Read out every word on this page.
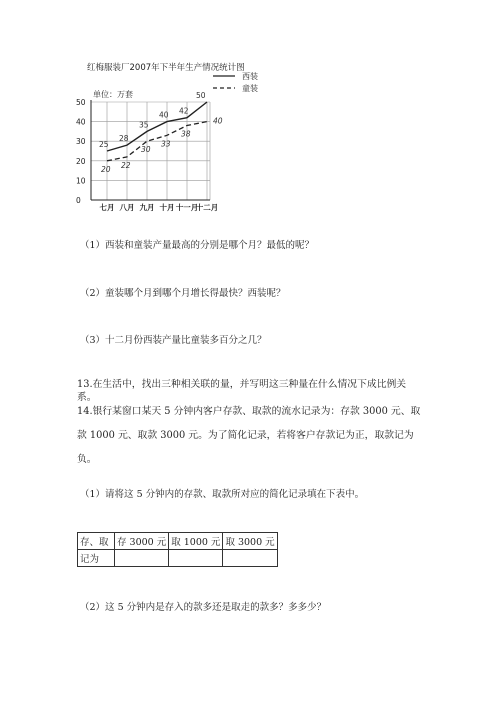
红梅服装厂2007年下半年生产情况统计图
单位：万套
50
40
30
20
10
0
七月 八月 九月 十月 十一月
十二月
25
28
35
40 42
50
20 22
30
33
38
40
西装
童装
（1）西装和童装产量最高的分别是哪个月？最低的呢？
（2）童装哪个月到哪个月增长得最快？西装呢？
（3）十二月份西装产量比童装多百分之几？
13.在生活中，找出三种相关联的量，并写明这三种量在什么情况下成比例关
系。
14.银行某窗口某天 5 分钟内客户存款、取款的流水记录为：存款 3000 元、取
款 1000 元、取款 3000 元。为了简化记录，若将客户存款记为正，取款记为
负。
（1）请将这 5 分钟内的存款、取款所对应的简化记录填在下表中。
存、取	存 3000 元	取 1000 元	取 3000 元
记为			
（2）这 5 分钟内是存入的款多还是取走的款多？多多少？
